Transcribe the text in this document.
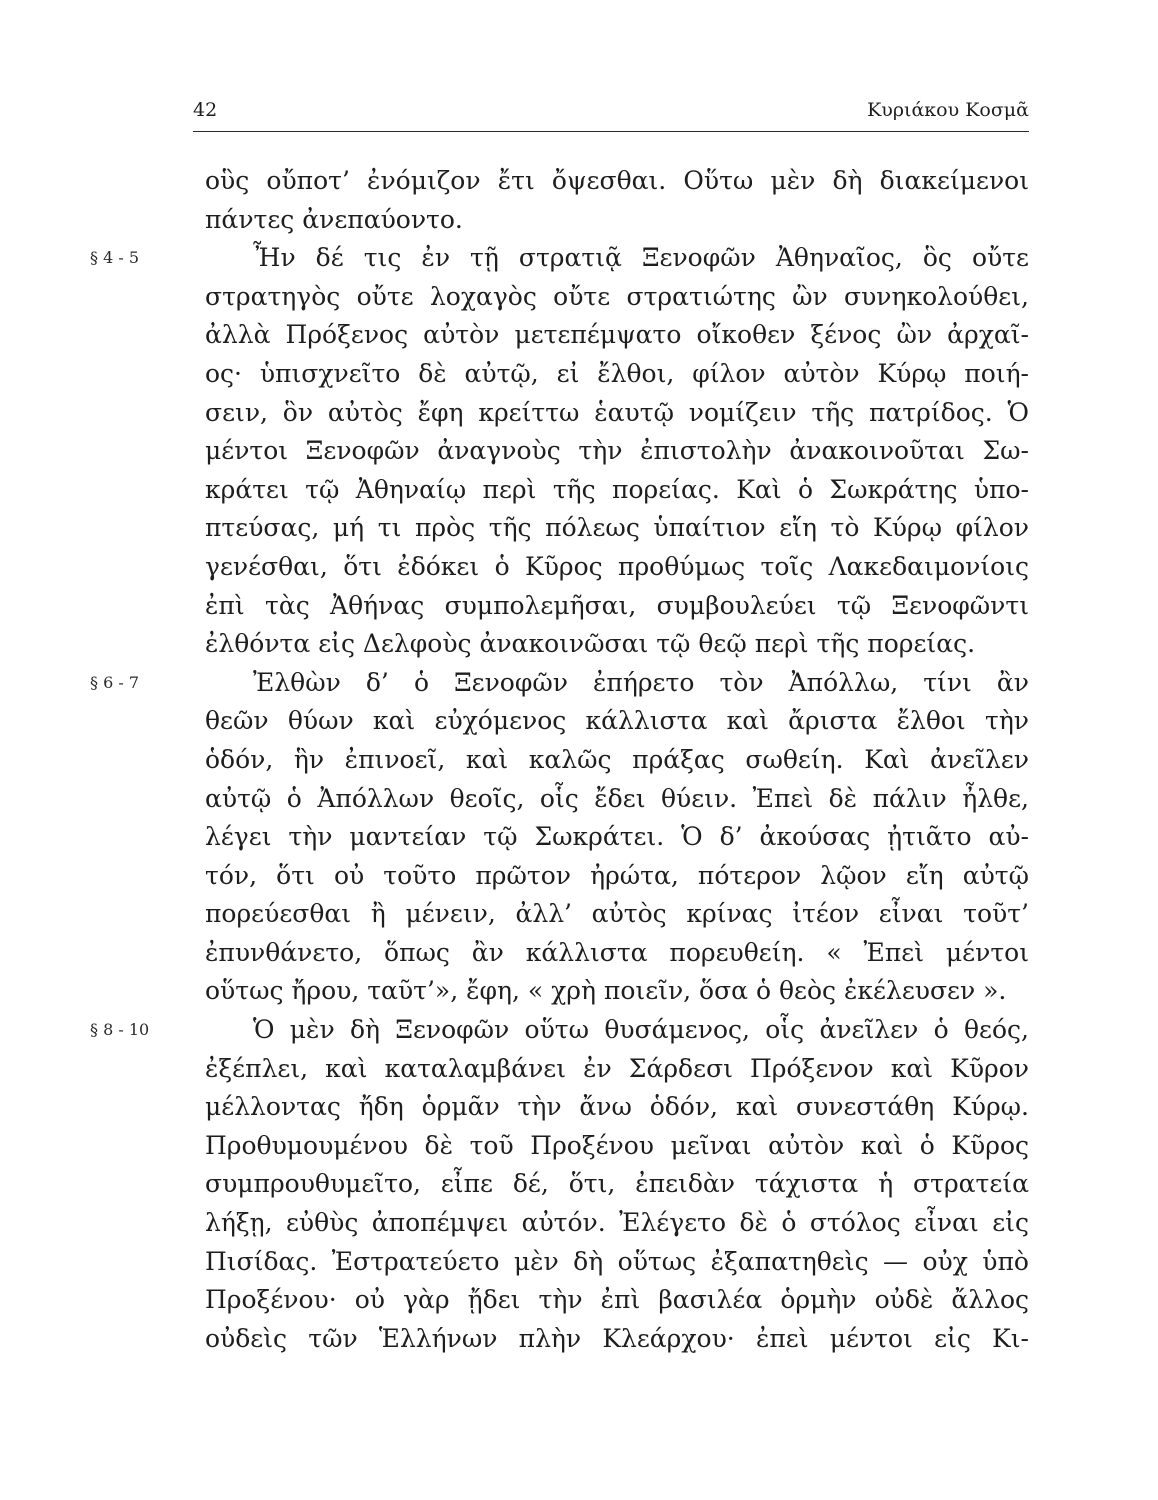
42	Κυριάκου Κοσμᾶ
οὓς οὔποτ’ ἐνόμιζον ἔτι ὄψεσθαι. Οὕτω μὲν δὴ διακείμενοι
πάντες ἀνεπαύοντο.
§ 4 - 5	Ἦν δέ τις ἐν τῇ στρατιᾷ Ξενοφῶν Ἀθηναῖος, ὃς οὔτε
στρατηγὸς οὔτε λοχαγὸς οὔτε στρατιώτης ὢν συνηκολούθει,
ἀλλὰ Πρόξενος αὐτὸν μετεπέμψατο οἴκοθεν ξένος ὢν ἀρχαῖ-
ος· ὑπισχνεῖτο δὲ αὐτῷ, εἰ ἔλθοι, φίλον αὐτὸν Κύρῳ ποιή-
σειν, ὃν αὐτὸς ἔφη κρείττω ἑαυτῷ νομίζειν τῆς πατρίδος. Ὁ
μέντοι Ξενοφῶν ἀναγνοὺς τὴν ἐπιστολὴν ἀνακοινοῦται Σω-
κράτει τῷ Ἀθηναίῳ περὶ τῆς πορείας. Καὶ ὁ Σωκράτης ὑπο-
πτεύσας, μή τι πρὸς τῆς πόλεως ὑπαίτιον εἴη τὸ Κύρῳ φίλον
γενέσθαι, ὅτι ἐδόκει ὁ Κῦρος προθύμως τοῖς Λακεδαιμονίοις
ἐπὶ τὰς Ἀθήνας συμπολεμῆσαι, συμβουλεύει τῷ Ξενοφῶντι
ἐλθόντα εἰς Δελφοὺς ἀνακοινῶσαι τῷ θεῷ περὶ τῆς πορείας.
§ 6 - 7	Ἐλθὼν δ’ ὁ Ξενοφῶν ἐπήρετο τὸν Ἀπόλλω, τίνι ἂν
θεῶν θύων καὶ εὐχόμενος κάλλιστα καὶ ἄριστα ἔλθοι τὴν
ὁδόν, ἣν ἐπινοεῖ, καὶ καλῶς πράξας σωθείη. Καὶ ἀνεῖλεν
αὐτῷ ὁ Ἀπόλλων θεοῖς, οἷς ἔδει θύειν. Ἐπεὶ δὲ πάλιν ἦλθε,
λέγει τὴν μαντείαν τῷ Σωκράτει. Ὁ δ’ ἀκούσας ᾐτιᾶτο αὐ-
τόν, ὅτι οὐ τοῦτο πρῶτον ἠρώτα, πότερον λῷον εἴη αὐτῷ
πορεύεσθαι ἢ μένειν, ἀλλ’ αὐτὸς κρίνας ἰτέον εἶναι τοῦτ’
ἐπυνθάνετο, ὅπως ἂν κάλλιστα πορευθείη. « Ἐπεὶ μέντοι
οὕτως ἤρου, ταῦτ’», ἔφη, « χρὴ ποιεῖν, ὅσα ὁ θεὸς ἐκέλευσεν ».
§ 8 - 10	Ὁ μὲν δὴ Ξενοφῶν οὕτω θυσάμενος, οἷς ἀνεῖλεν ὁ θεός,
ἐξέπλει, καὶ καταλαμβάνει ἐν Σάρδεσι Πρόξενον καὶ Κῦρον
μέλλοντας ἤδη ὁρμᾶν τὴν ἄνω ὁδόν, καὶ συνεστάθη Κύρῳ.
Προθυμουμένου δὲ τοῦ Προξένου μεῖναι αὐτὸν καὶ ὁ Κῦρος
συμπρουθυμεῖτο, εἶπε δέ, ὅτι, ἐπειδὰν τάχιστα ἡ στρατεία
λήξῃ, εὐθὺς ἀποπέμψει αὐτόν. Ἐλέγετο δὲ ὁ στόλος εἶναι εἰς
Πισίδας. Ἐστρατεύετο μὲν δὴ οὕτως ἐξαπατηθεὶς — οὐχ ὑπὸ
Προξένου· οὐ γὰρ ᾔδει τὴν ἐπὶ βασιλέα ὁρμὴν οὐδὲ ἄλλος
οὐδεὶς τῶν Ἑλλήνων πλὴν Κλεάρχου· ἐπεὶ μέντοι εἰς Κι-
